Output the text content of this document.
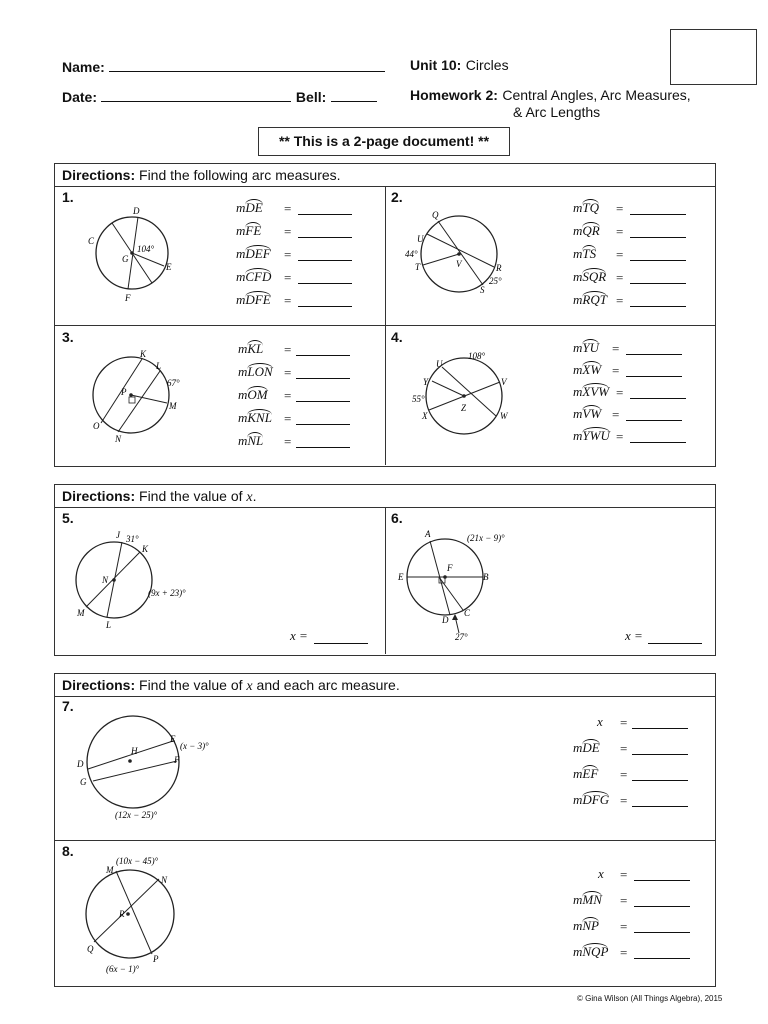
Name:
Date:	Bell:
Unit 10: Circles
Homework 2: Central Angles, Arc Measures,
& Arc Lengths
** This is a 2-page document! **
Directions: Find the following arc measures.
1.
D
C
G
E
F
104°
mDE =
mFE =
mDEF =
mCFD =
mDFE =
2.
Q
U
T	V	R
S
44°
25°
mTQ =
mQR =
mTS =
mSQR =
mRQT =
3.
K
L
P
M
O
N
67°
mKL =
mLON =
mOM =
mKNL =
mNL =
4.
U
Y
X
Z
V
W
108°
55°
mYU =
mXW =
mXVW =
mVW =
mYWU =
Directions: Find the value of x.
5.
J
K
N
M
L
31°
(9x + 23)°
x =
6.
A
F
E	B
D
C
(21x − 9)°
27°	x =
Directions: Find the value of x and each arc measure.
7.
E
H
D	F
G
(x − 3)°
(12x − 25)°
x =
mDE =
mEF =
mDFG =
8.
M
N
R
Q
P
(10x − 45)°
(6x − 1)°
x =
mMN =
mNP =
mNQP =
© Gina Wilson (All Things Algebra), 2015
